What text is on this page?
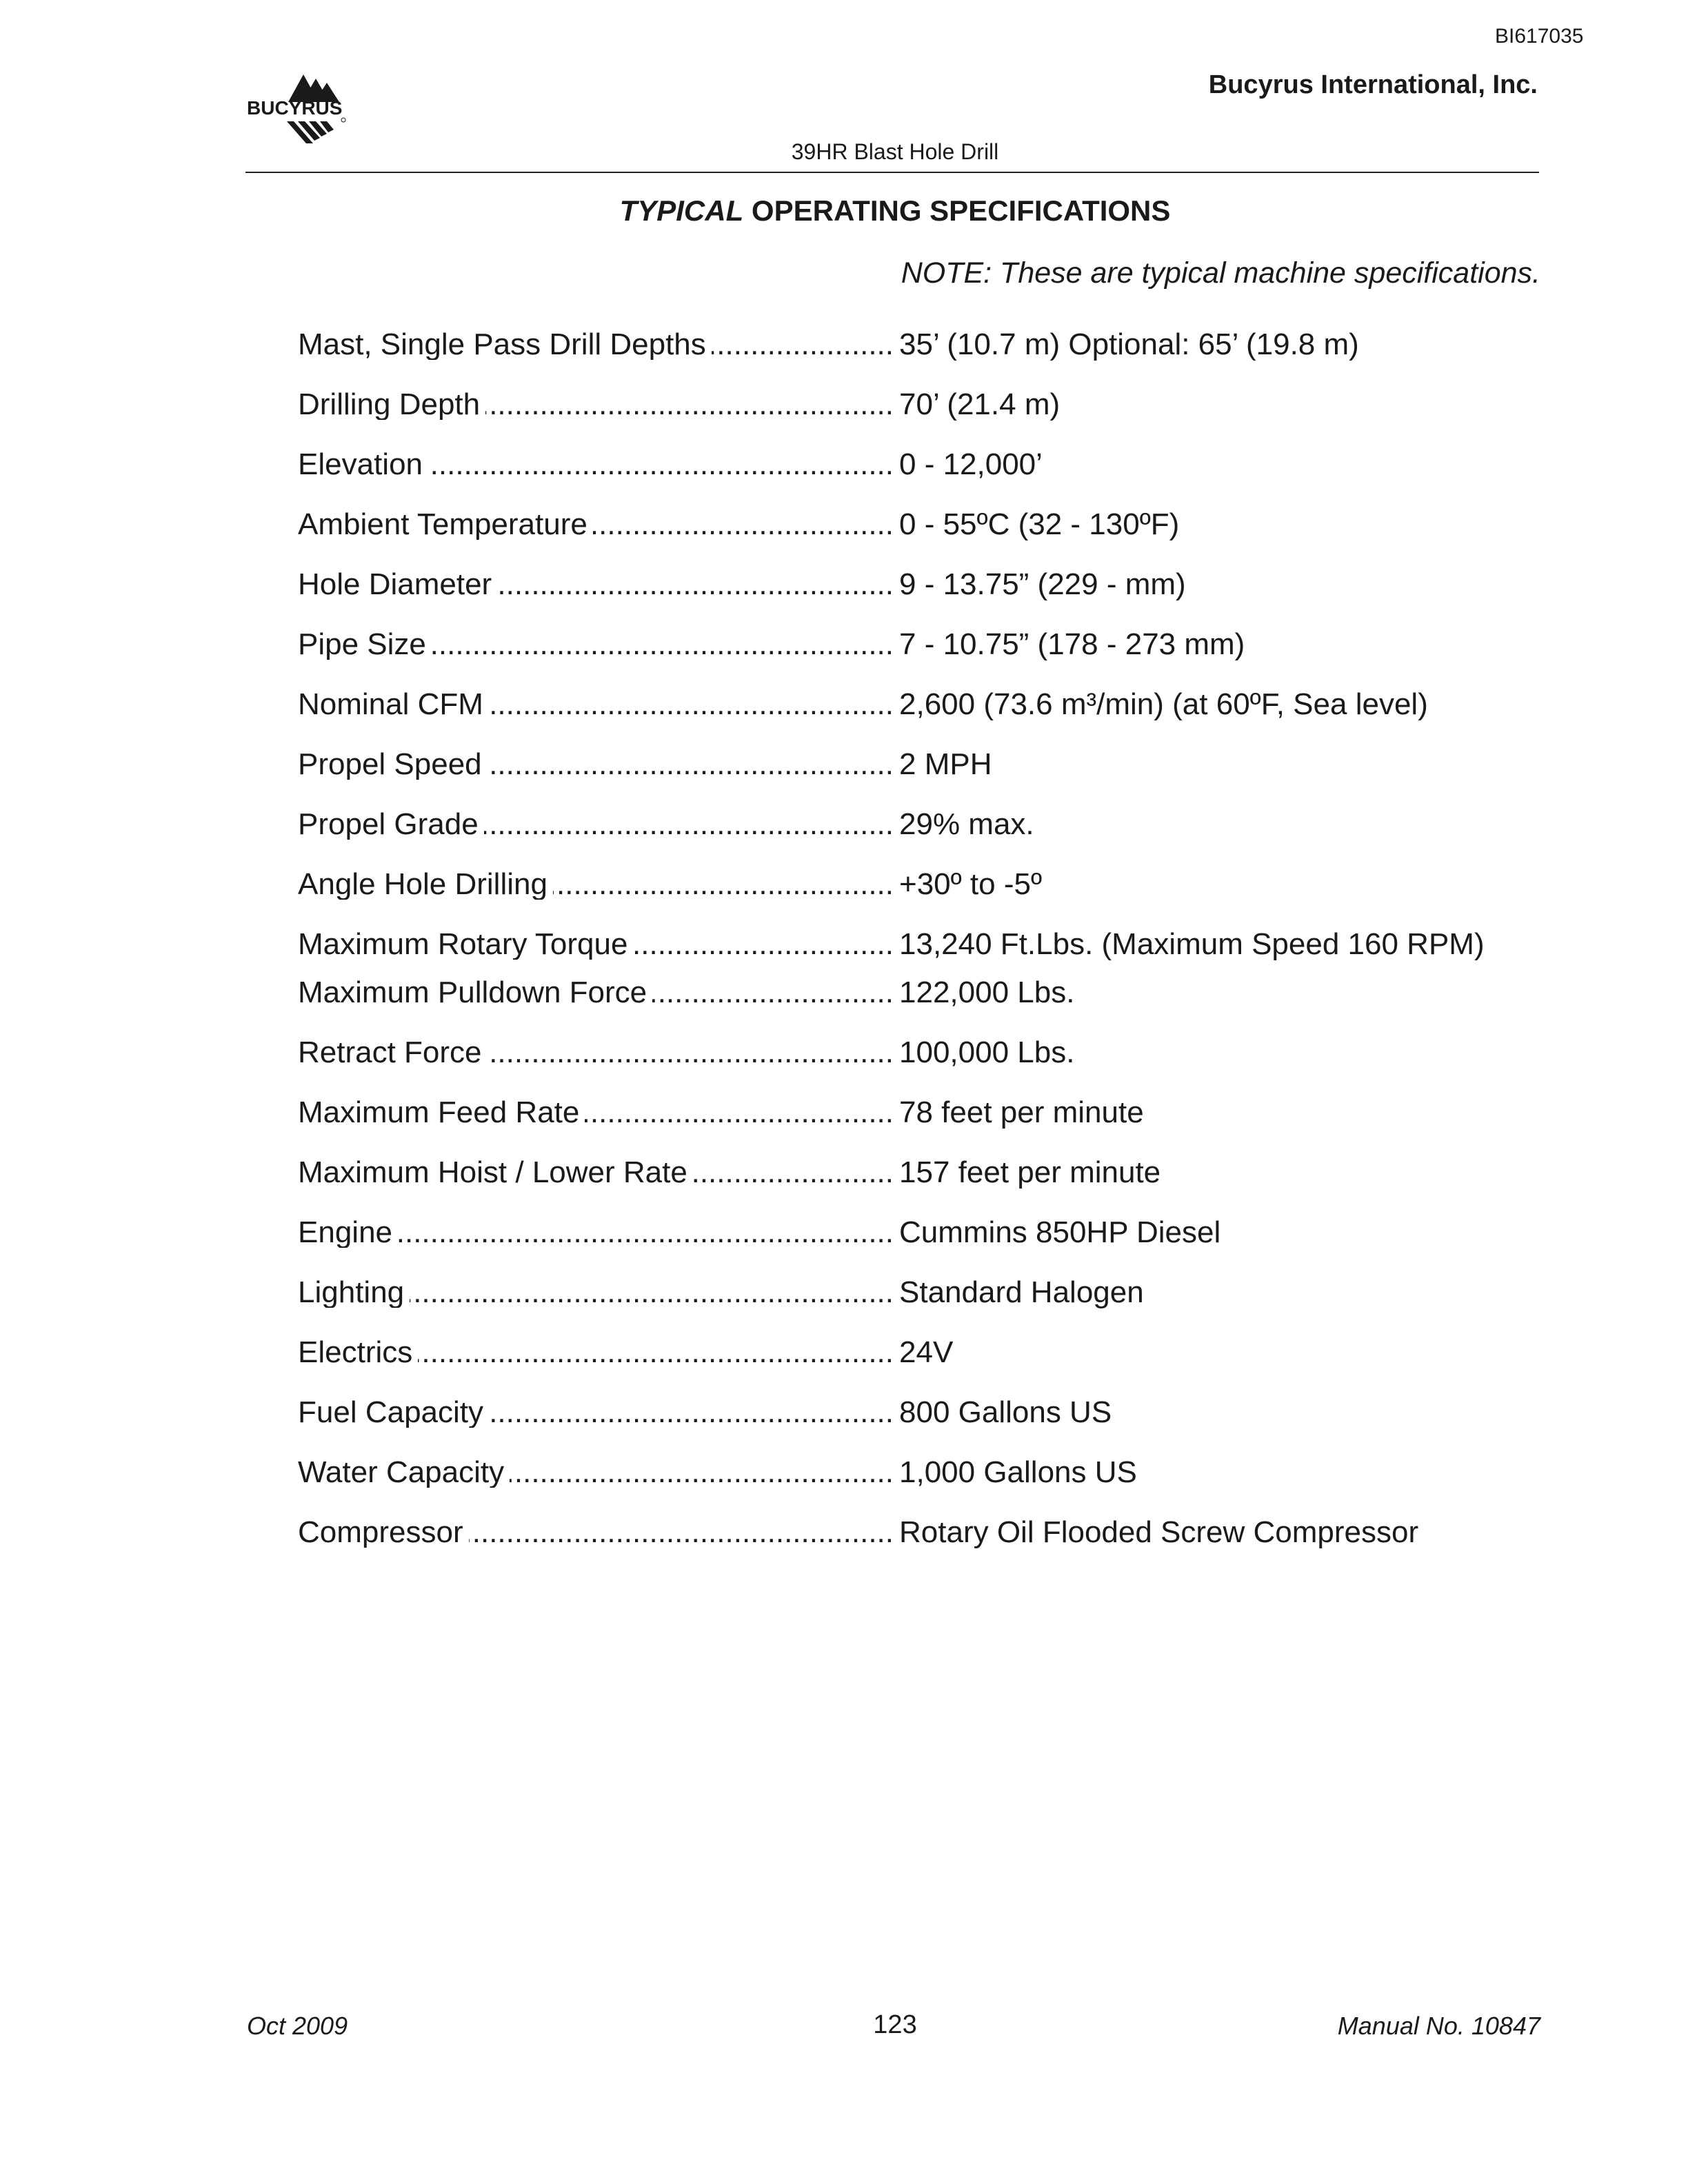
BI617035
BUCYRUS
Bucyrus International, Inc.
39HR Blast Hole Drill
TYPICAL OPERATING SPECIFICATIONS
NOTE: These are typical machine specifications.
Mast, Single Pass Drill Depths .....	35’ (10.7 m) Optional: 65’ (19.8 m)
Drilling Depth .....	70’ (21.4 m)
Elevation .....	0 - 12,000’
Ambient Temperature .....	0 - 55ºC (32 - 130ºF)
Hole Diameter .....	9 - 13.75” (229 - mm)
Pipe Size .....	7 - 10.75” (178 - 273 mm)
Nominal CFM .....	2,600 (73.6 m³/min) (at 60ºF, Sea level)
Propel Speed .....	2 MPH
Propel Grade .....	29% max.
Angle Hole Drilling .....	+30º to -5º
Maximum Rotary Torque .....	13,240 Ft.Lbs. (Maximum Speed 160 RPM)
Maximum Pulldown Force .....	122,000 Lbs.
Retract Force .....	100,000 Lbs.
Maximum Feed Rate .....	78 feet per minute
Maximum Hoist / Lower Rate .....	157 feet per minute
Engine .....	Cummins 850HP Diesel
Lighting .....	Standard Halogen
Electrics .....	24V
Fuel Capacity .....	800 Gallons US
Water Capacity .....	1,000 Gallons US
Compressor .....	Rotary Oil Flooded Screw Compressor
Oct 2009	123	Manual No. 10847
